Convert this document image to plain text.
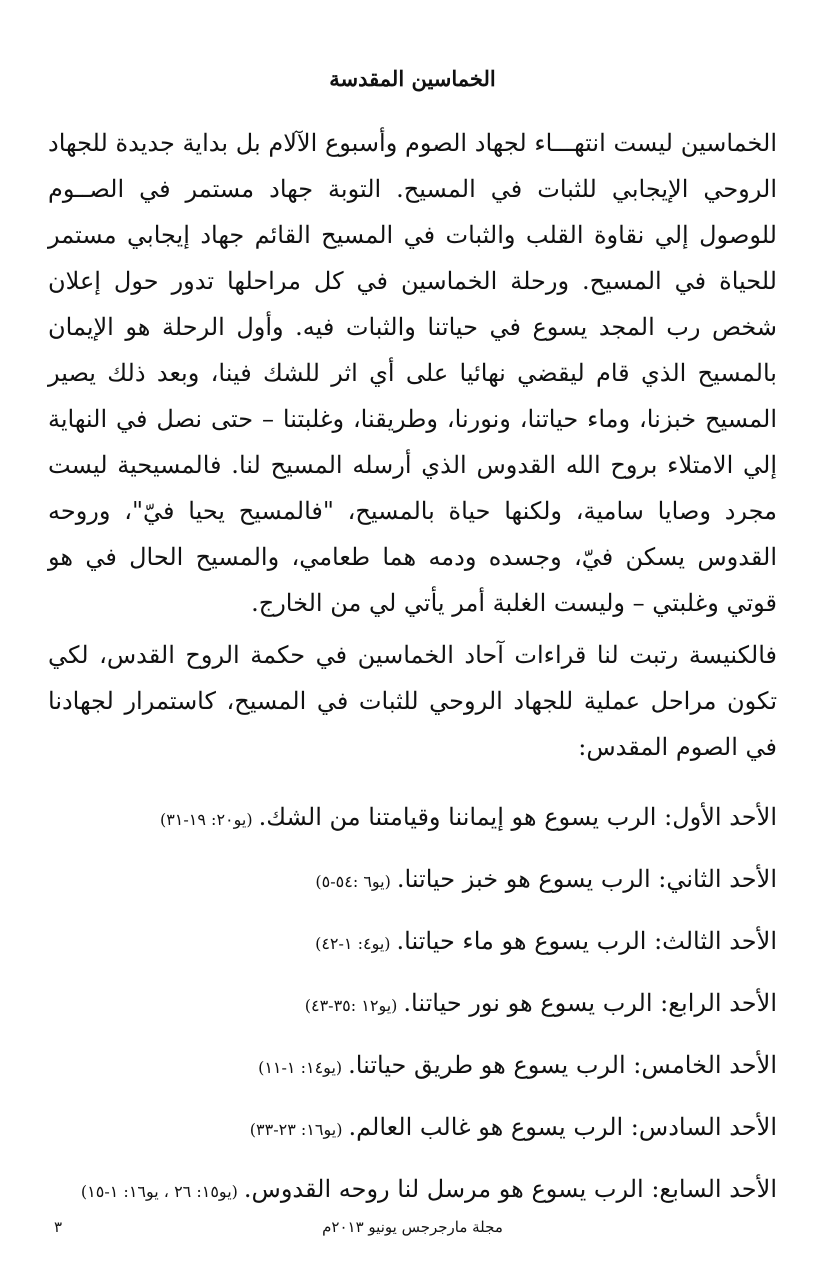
الخماسين المقدسة

الخماسين ليست انتهـــاء لجهاد الصوم وأسبوع الآلام بل بداية جديدة للجهاد الروحي الإيجابي للثبات في المسيح. التوبة جهاد مستمر في الصــوم للوصول إلي نقاوة القلب والثبات في المسيح القائم جهاد إيجابي مستمر للحياة في المسيح. ورحلة الخماسين في كل مراحلها تدور حول إعلان شخص رب المجد يسوع في حياتنا والثبات فيه. وأول الرحلة هو الإيمان بالمسيح الذي قام ليقضي نهائيا على أي اثر للشك فينا، وبعد ذلك يصير المسيح خبزنا، وماء حياتنا، ونورنا، وطريقنا، وغلبتنا – حتى نصل في النهاية إلي الامتلاء بروح الله القدوس الذي أرسله المسيح لنا. فالمسيحية ليست مجرد وصايا سامية، ولكنها حياة بالمسيح، "فالمسيح يحيا فيّ"، وروحه القدوس يسكن فيّ، وجسده ودمه هما طعامي، والمسيح الحال في هو قوتي وغلبتي – وليست الغلبة أمر يأتي لي من الخارج.

فالكنيسة رتبت لنا قراءات آحاد الخماسين في حكمة الروح القدس، لكي تكون مراحل عملية للجهاد الروحي للثبات في المسيح، كاستمرار لجهادنا في الصوم المقدس:

الأحد الأول: الرب يسوع هو إيماننا وقيامتنا من الشك.(يو٢٠: ١٩-٣١)
الأحد الثاني: الرب يسوع هو خبز حياتنا.(يو٦ :٥٤-٥)
الأحد الثالث: الرب يسوع هو ماء حياتنا.(يو٤: ١-٤٢)
الأحد الرابع: الرب يسوع هو نور حياتنا.(يو١٢ :٣٥-٤٣)
الأحد الخامس: الرب يسوع هو طريق حياتنا.(يو١٤: ١-١١)
الأحد السادس: الرب يسوع هو غالب العالم.(يو١٦: ٢٣-٣٣)
الأحد السابع: الرب يسوع هو مرسل لنا روحه القدوس.(يو١٥: ٢٦ ، يو١٦: ١-١٥)
مجلة مارجرجس يونيو ٢٠١٣م
٣
